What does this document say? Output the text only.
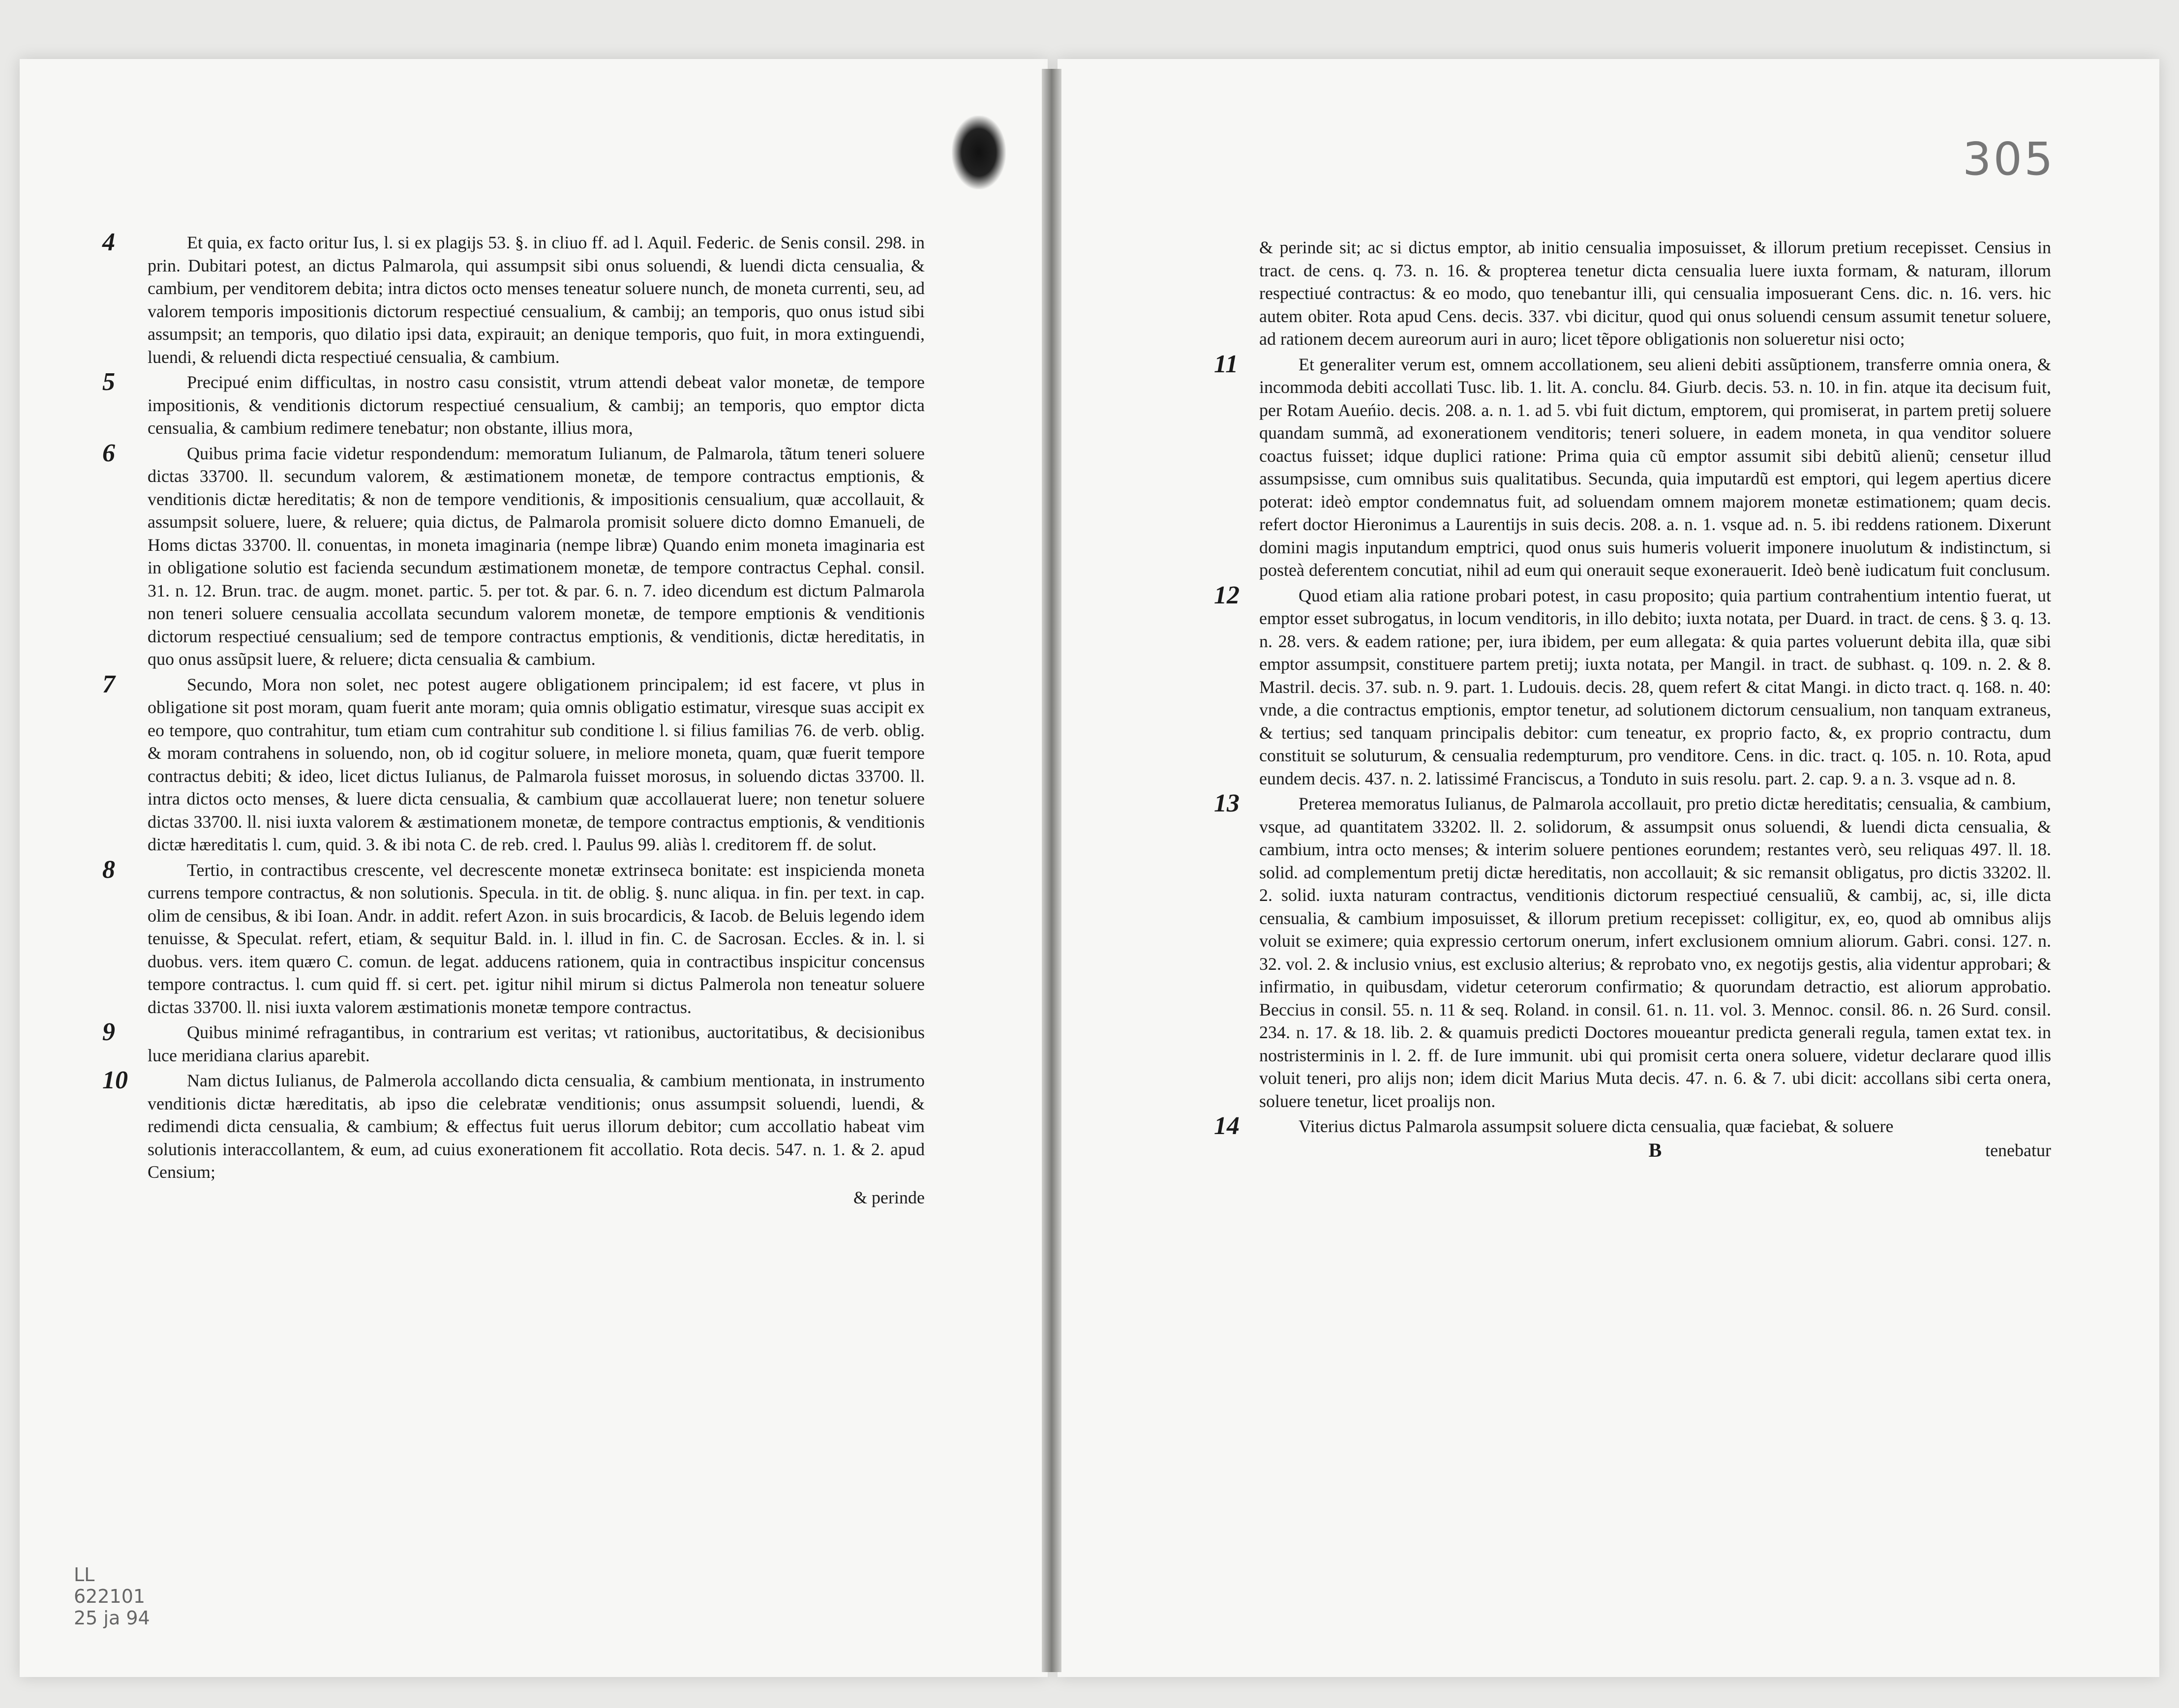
305
LL
622101
25 ja 94
4	Et quia, ex facto oritur Ius, l. si ex plagijs 53. §. in cliuo ff. ad l. Aquil. Federic. de Senis consil. 298. in prin. Dubitari potest, an dictus Palmarola, qui assumpsit sibi onus soluendi, & luendi dicta censualia, & cambium, per venditorem debita; intra dictos octo menses teneatur soluere nunch, de moneta currenti, seu, ad valorem temporis impositionis dictorum respectiué censualium, & cambij; an temporis, quo onus istud sibi assumpsit; an temporis, quo dilatio ipsi data, expirauit; an denique temporis, quo fuit, in mora extinguendi, luendi, & reluendi dicta respectiué censualia, & cambium.
5	Precipué enim difficultas, in nostro casu consistit, vtrum attendi debeat valor monetæ, de tempore impositionis, & venditionis dictorum respectiué censualium, & cambij; an temporis, quo emptor dicta censualia, & cambium redimere tenebatur; non obstante, illius mora,
6	Quibus prima facie videtur respondendum: memoratum Iulianum, de Palmarola, tãtum teneri soluere dictas 33700. ll. secundum valorem, & æstimationem monetæ, de tempore contractus emptionis, & venditionis dictæ hereditatis; & non de tempore venditionis, & impositionis censualium, quæ accollauit, & assumpsit soluere, luere, & reluere; quia dictus, de Palmarola promisit soluere dicto domno Emanueli, de Homs dictas 33700. ll. conuentas, in moneta imaginaria (nempe libræ) Quando enim moneta imaginaria est in obligatione solutio est facienda secundum æstimationem monetæ, de tempore contractus Cephal. consil. 31. n. 12. Brun. trac. de augm. monet. partic. 5. per tot. & par. 6. n. 7. ideo dicendum est dictum Palmarola non teneri soluere censualia accollata secundum valorem monetæ, de tempore emptionis & venditionis dictorum respectiué censualium; sed de tempore contractus emptionis, & venditionis, dictæ hereditatis, in quo onus assũpsit luere, & reluere; dicta censualia & cambium.
7	Secundo, Mora non solet, nec potest augere obligationem principalem; id est facere, vt plus in obligatione sit post moram, quam fuerit ante moram; quia omnis obligatio estimatur, viresque suas accipit ex eo tempore, quo contrahitur, tum etiam cum contrahitur sub conditione l. si filius familias 76. de verb. oblig. & moram contrahens in soluendo, non, ob id cogitur soluere, in meliore moneta, quam, quæ fuerit tempore contractus debiti; & ideo, licet dictus Iulianus, de Palmarola fuisset morosus, in soluendo dictas 33700. ll. intra dictos octo menses, & luere dicta censualia, & cambium quæ accollauerat luere; non tenetur soluere dictas 33700. ll. nisi iuxta valorem & æstimationem monetæ, de tempore contractus emptionis, & venditionis dictæ hæreditatis l. cum, quid. 3. & ibi nota C. de reb. cred. l. Paulus 99. aliàs l. creditorem ff. de solut.
8	Tertio, in contractibus crescente, vel decrescente monetæ extrinseca bonitate: est inspicienda moneta currens tempore contractus, & non solutionis. Specula. in tit. de oblig. §. nunc aliqua. in fin. per text. in cap. olim de censibus, & ibi Ioan. Andr. in addit. refert Azon. in suis brocardicis, & Iacob. de Beluis legendo idem tenuisse, & Speculat. refert, etiam, & sequitur Bald. in. l. illud in fin. C. de Sacrosan. Eccles. & in. l. si duobus. vers. item quæro C. comun. de legat. adducens rationem, quia in contractibus inspicitur concensus tempore contractus. l. cum quid ff. si cert. pet. igitur nihil mirum si dictus Palmerola non teneatur soluere dictas 33700. ll. nisi iuxta valorem æstimationis monetæ tempore contractus.
9	Quibus minimé refragantibus, in contrarium est veritas; vt rationibus, auctoritatibus, & decisionibus luce meridiana clarius aparebit.
10	Nam dictus Iulianus, de Palmerola accollando dicta censualia, & cambium mentionata, in instrumento venditionis dictæ hæreditatis, ab ipso die celebratæ venditionis; onus assumpsit soluendi, luendi, & redimendi dicta censualia, & cambium; & effectus fuit uerus illorum debitor; cum accollatio habeat vim solutionis interaccollantem, & eum, ad cuius exonerationem fit accollatio. Rota decis. 547. n. 1. & 2. apud Censium;
& perinde
& perinde sit; ac si dictus emptor, ab initio censualia imposuisset, & illorum pretium recepisset. Censius in tract. de cens. q. 73. n. 16. & propterea tenetur dicta censualia luere iuxta formam, & naturam, illorum respectiué contractus: & eo modo, quo tenebantur illi, qui censualia imposuerant Cens. dic. n. 16. vers. hic autem obiter. Rota apud Cens. decis. 337. vbi dicitur, quod qui onus soluendi censum assumit tenetur soluere, ad rationem decem aureorum auri in auro; licet tẽpore obligationis non solueretur nisi octo;
11	Et generaliter verum est, omnem accollationem, seu alieni debiti assũptionem, transferre omnia onera, & incommoda debiti accollati Tusc. lib. 1. lit. A. conclu. 84. Giurb. decis. 53. n. 10. in fin. atque ita decisum fuit, per Rotam Aueńio. decis. 208. a. n. 1. ad 5. vbi fuit dictum, emptorem, qui promiserat, in partem pretij soluere quandam summã, ad exonerationem venditoris; teneri soluere, in eadem moneta, in qua venditor soluere coactus fuisset; idque duplici ratione: Prima quia cũ emptor assumit sibi debitũ alienũ; censetur illud assumpsisse, cum omnibus suis qualitatibus. Secunda, quia imputardũ est emptori, qui legem apertius dicere poterat: ideò emptor condemnatus fuit, ad soluendam omnem majorem monetæ estimationem; quam decis. refert doctor Hieronimus a Laurentijs in suis decis. 208. a. n. 1. vsque ad. n. 5. ibi reddens rationem. Dixerunt domini magis inputandum emptrici, quod onus suis humeris voluerit imponere inuolutum & indistinctum, si posteà deferentem concutiat, nihil ad eum qui onerauit seque exonerauerit. Ideò benè iudicatum fuit conclusum.
12	Quod etiam alia ratione probari potest, in casu proposito; quia partium contrahentium intentio fuerat, ut emptor esset subrogatus, in locum venditoris, in illo debito; iuxta notata, per Duard. in tract. de cens. § 3. q. 13. n. 28. vers. & eadem ratione; per, iura ibidem, per eum allegata: & quia partes voluerunt debita illa, quæ sibi emptor assumpsit, constituere partem pretij; iuxta notata, per Mangil. in tract. de subhast. q. 109. n. 2. & 8. Mastril. decis. 37. sub. n. 9. part. 1. Ludouis. decis. 28, quem refert & citat Mangi. in dicto tract. q. 168. n. 40: vnde, a die contractus emptionis, emptor tenetur, ad solutionem dictorum censualium, non tanquam extraneus, & tertius; sed tanquam principalis debitor: cum teneatur, ex proprio facto, &, ex proprio contractu, dum constituit se soluturum, & censualia redempturum, pro venditore. Cens. in dic. tract. q. 105. n. 10. Rota, apud eundem decis. 437. n. 2. latissimé Franciscus, a Tonduto in suis resolu. part. 2. cap. 9. a n. 3. vsque ad n. 8.
13	Preterea memoratus Iulianus, de Palmarola accollauit, pro pretio dictæ hereditatis; censualia, & cambium, vsque, ad quantitatem 33202. ll. 2. solidorum, & assumpsit onus soluendi, & luendi dicta censualia, & cambium, intra octo menses; & interim soluere pentiones eorundem; restantes verò, seu reliquas 497. ll. 18. solid. ad complementum pretij dictæ hereditatis, non accollauit; & sic remansit obligatus, pro dictis 33202. ll. 2. solid. iuxta naturam contractus, venditionis dictorum respectiué censualiũ, & cambij, ac, si, ille dicta censualia, & cambium imposuisset, & illorum pretium recepisset: colligitur, ex, eo, quod ab omnibus alijs voluit se eximere; quia expressio certorum onerum, infert exclusionem omnium aliorum. Gabri. consi. 127. n. 32. vol. 2. & inclusio vnius, est exclusio alterius; & reprobato vno, ex negotijs gestis, alia videntur approbari; & infirmatio, in quibusdam, videtur ceterorum confirmatio; & quorundam detractio, est aliorum approbatio. Beccius in consil. 55. n. 11 & seq. Roland. in consil. 61. n. 11. vol. 3. Mennoc. consil. 86. n. 26 Surd. consil. 234. n. 17. & 18. lib. 2. & quamuis predicti Doctores moueantur predicta generali regula, tamen extat tex. in nostristerminis in l. 2. ff. de Iure immunit. ubi qui promisit certa onera soluere, videtur declarare quod illis voluit teneri, pro alijs non; idem dicit Marius Muta decis. 47. n. 6. & 7. ubi dicit: accollans sibi certa onera, soluere tenetur, licet proalijs non.
14	Viterius dictus Palmarola assumpsit soluere dicta censualia, quæ faciebat, & soluere
B	tenebatur
